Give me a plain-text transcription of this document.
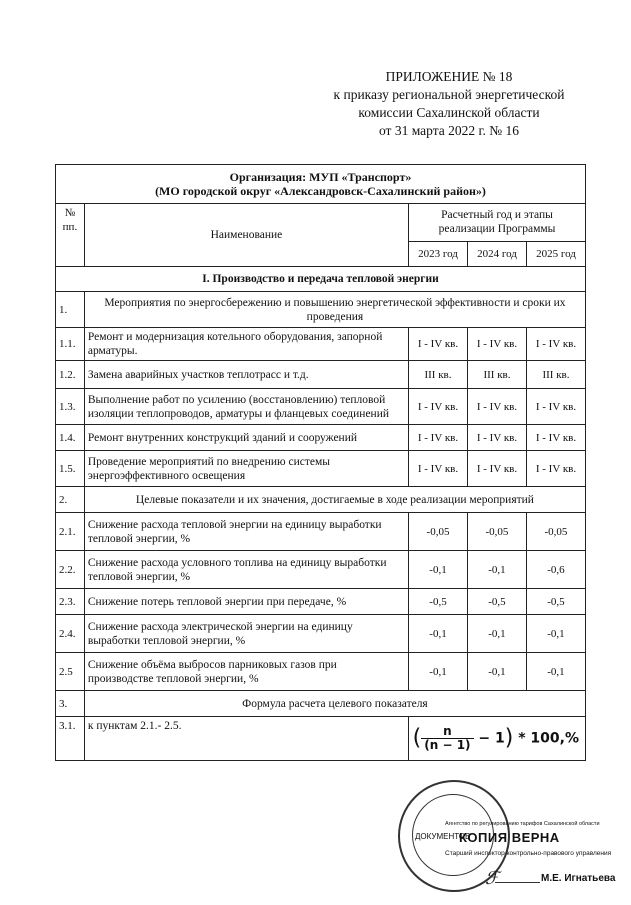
ПРИЛОЖЕНИЕ № 18
к приказу региональной энергетической
комиссии Сахалинской области
от 31 марта 2022 г. № 16
Организация: МУП «Транспорт»
(МО городской округ «Александровск-Сахалинский район»)				

№ пп.	Наименование	Расчетный год и этапы реализации Программы		
		2023 год	2024 год	2025 год
I. Производство и передача тепловой энергии				
1.	Мероприятия по энергосбережению и повышению энергетической эффективности и сроки их проведения			
1.1.	Ремонт и модернизация котельного оборудования, запорной арматуры.	I - IV кв.	I - IV кв.	I - IV кв.
1.2.	Замена аварийных участков теплотрасс и т.д.	III кв.	III кв.	III кв.
1.3.	Выполнение работ по усилению (восстановлению) тепловой изоляции теплопроводов, арматуры и фланцевых соединений	I - IV кв.	I - IV кв.	I - IV кв.
1.4.	Ремонт внутренних конструкций зданий и сооружений	I - IV кв.	I - IV кв.	I - IV кв.
1.5.	Проведение мероприятий по внедрению системы энергоэффективного освещения	I - IV кв.	I - IV кв.	I - IV кв.
2.	Целевые показатели и их значения, достигаемые в ходе реализации мероприятий			
2.1.	Снижение расхода тепловой энергии на единицу выработки тепловой энергии, %	-0,05	-0,05	-0,05
2.2.	Снижение расхода условного топлива на единицу выработки тепловой энергии, %	-0,1	-0,1	-0,6
2.3.	Снижение потерь тепловой энергии при передаче, %	-0,5	-0,5	-0,5
2.4.	Снижение расхода электрической энергии на единицу выработки тепловой энергии, %	-0,1	-0,1	-0,1
2.5	Снижение объёма выбросов парниковых газов при производстве тепловой энергии, %	-0,1	-0,1	-0,1
3.	Формула расчета целевого показателя			
3.1.	к пунктам 2.1.- 2.5.	( $\frac{n}{(n - 1)} - 1) * 100,\%$		
ДОКУМЕНТОВ
Агентство по регулированию тарифов Сахалинской области
КОПИЯ ВЕРНА
Старший инспектор контрольно-правового управления
ℱ	М.Е. Игнатьева
